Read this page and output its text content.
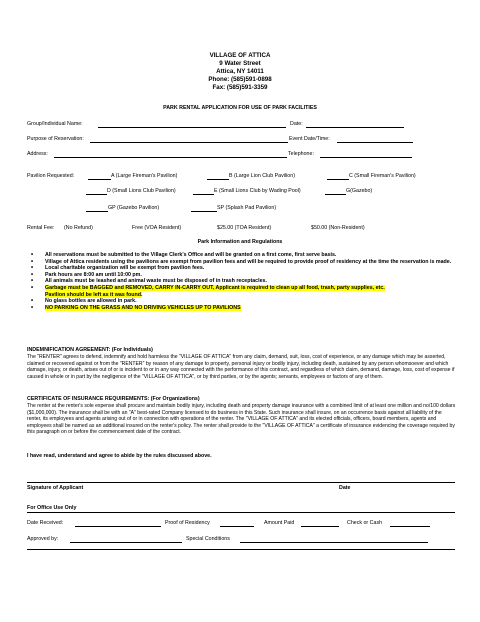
VILLAGE OF ATTICA
9 Water Street
Attica, NY 14011
Phone: (585)591-0898
Fax: (585)591-3359
PARK RENTAL APPLICATION FOR USE OF PARK FACILITIES
Group/Individual Name:	Date:
Purpose of Reservation:	Event Date/Time:
Address:	Telephone:
Pavilion Requested:	A (Large Fireman's Pavilion)	B (Large Lion Club Pavilion)	C (Small Fireman's Pavilion)
D (Small Lions Club Pavilion)	E (Small Lions Club by Wading Pool)	G(Gazebo)
GP (Gazebo Pavilion)	SP (Splash Pad Pavilion)
Rental Fee: (No Refund)	Free (VOA Resident)	$25.00 (TOA Resident)	$50.00 (Non-Resident)
Park Information and Regulations
• All reservations must be submitted to the Village Clerk's Office and will be granted on a first come, first serve basis.
• Village of Attica residents using the pavilions are exempt from pavilion fees and will be required to provide proof of residency at the time the reservation is made.
• Local charitable organization will be exempt from pavilion fees.
• Park hours are 8:00 am until 10:00 pm.
• All animals must be leashed and animal waste must be disposed of in trash receptacles.
• Garbage must be BAGGED and REMOVED, CARRY IN-CARRY OUT, Applicant is required to clean up all food, trash, party supplies, etc.
Pavilion should be left as it was found.
• No glass bottles are allowed in park.
• NO PARKING ON THE GRASS AND NO DRIVING VEHICLES UP TO PAVILIONS
INDEMNIFICATION AGREEMENT: (For Individuals)
The "RENTER" agrees to defend, indemnify and hold harmless the "VILLAGE OF ATTICA" from any claim, demand, suit, loss, cost of experience, or any damage which may be asserted, claimed or recovered against or from the "RENTER" by reason of any damage to property, personal injury or bodily injury, including death, sustained by any person whomsoever and which damage, injury, or death, arises out of or is incident to or in any way connected with the performance of this contract, and regardless of which claim, demand, damage, loss, cost of expense if caused in whole or in part by the negligence of the "VILLAGE OF ATTICA", or by third parties, or by the agents; servants, employees or factors of any of them.
CERTIFICATE OF INSURANCE REQUIREMENTS: (For Organizations)
The renter at the renter's sole expense shall procure and maintain bodily injury, including death and property damage insurance with a combined limit of at least one million and no/100 dollars ($1,000,000). The insurance shall be with an "A" best-rated Company licensed to do business in this State. Such insurance shall insure, on an occurrence basis against all liability of the renter, its employees and agents arising out of or in connection with operations of the renter. The "VILLAGE OF ATTICA" and its elected officials, officers, board members, agents and employees shall be named as an additional insured on the renter's policy. The renter shall provide to the "VILLAGE OF ATTICA" a certificate of insurance evidencing the coverage required by this paragraph on or before the commencement date of the contract.
I have read, understand and agree to abide by the rules discussed above.
Signature of Applicant	Date
For Office Use Only
Date Received:	Proof of Residency	Amount Paid	Check or Cash
Approved by:	Special Conditions
